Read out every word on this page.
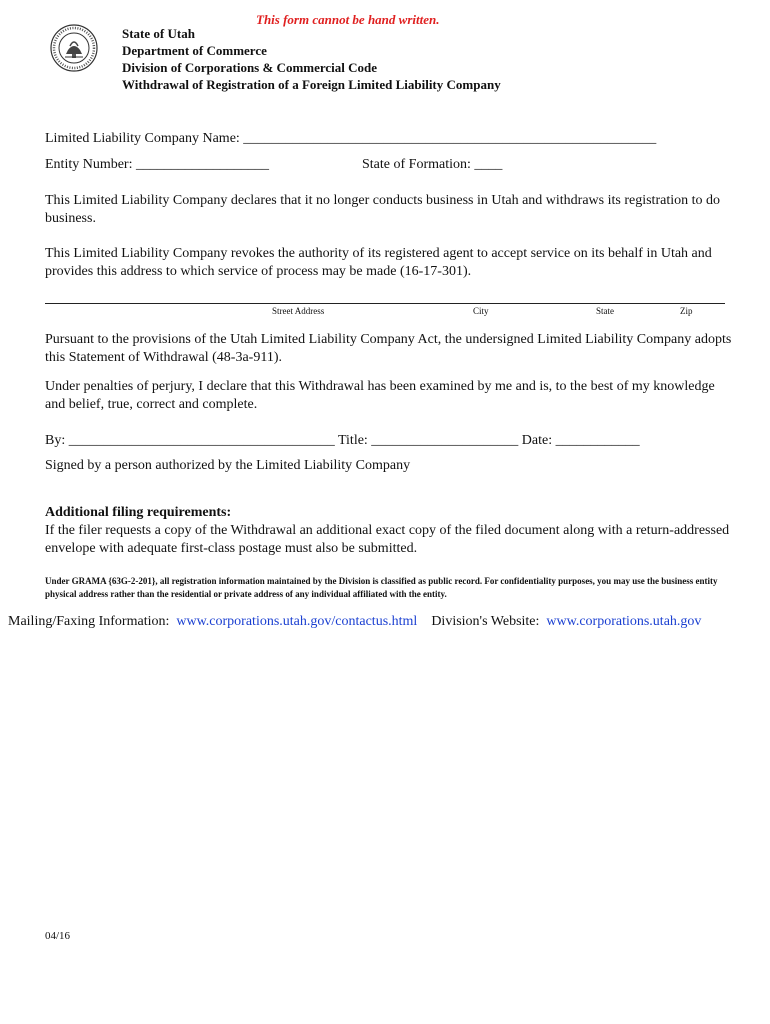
This form cannot be hand written.
State of Utah
Department of Commerce
Division of Corporations & Commercial Code
Withdrawal of Registration of a Foreign Limited Liability Company
Limited Liability Company Name: ___________________________________________________________
Entity Number: ___________________	State of Formation: ____
This Limited Liability Company declares that it no longer conducts business in Utah and withdraws its registration to do business.
This Limited Liability Company revokes the authority of its registered agent to accept service on its behalf in Utah and provides this address to which service of process may be made (16-17-301).
Street Address	City	State	Zip
Pursuant to the provisions of the Utah Limited Liability Company Act, the undersigned Limited Liability Company adopts this Statement of Withdrawal (48-3a-911).
Under penalties of perjury, I declare that this Withdrawal has been examined by me and is, to the best of my knowledge and belief, true, correct and complete.
By: ______________________________________ Title: _____________________ Date: ____________
Signed by a person authorized by the Limited Liability Company
Additional filing requirements:
If the filer requests a copy of the Withdrawal an additional exact copy of the filed document along with a return-addressed envelope with adequate first-class postage must also be submitted.
Under GRAMA {63G-2-201}, all registration information maintained by the Division is classified as public record. For confidentiality purposes, you may use the business entity physical address rather than the residential or private address of any individual affiliated with the entity.
Mailing/Faxing Information: www.corporations.utah.gov/contactus.html Division's Website: www.corporations.utah.gov
04/16
